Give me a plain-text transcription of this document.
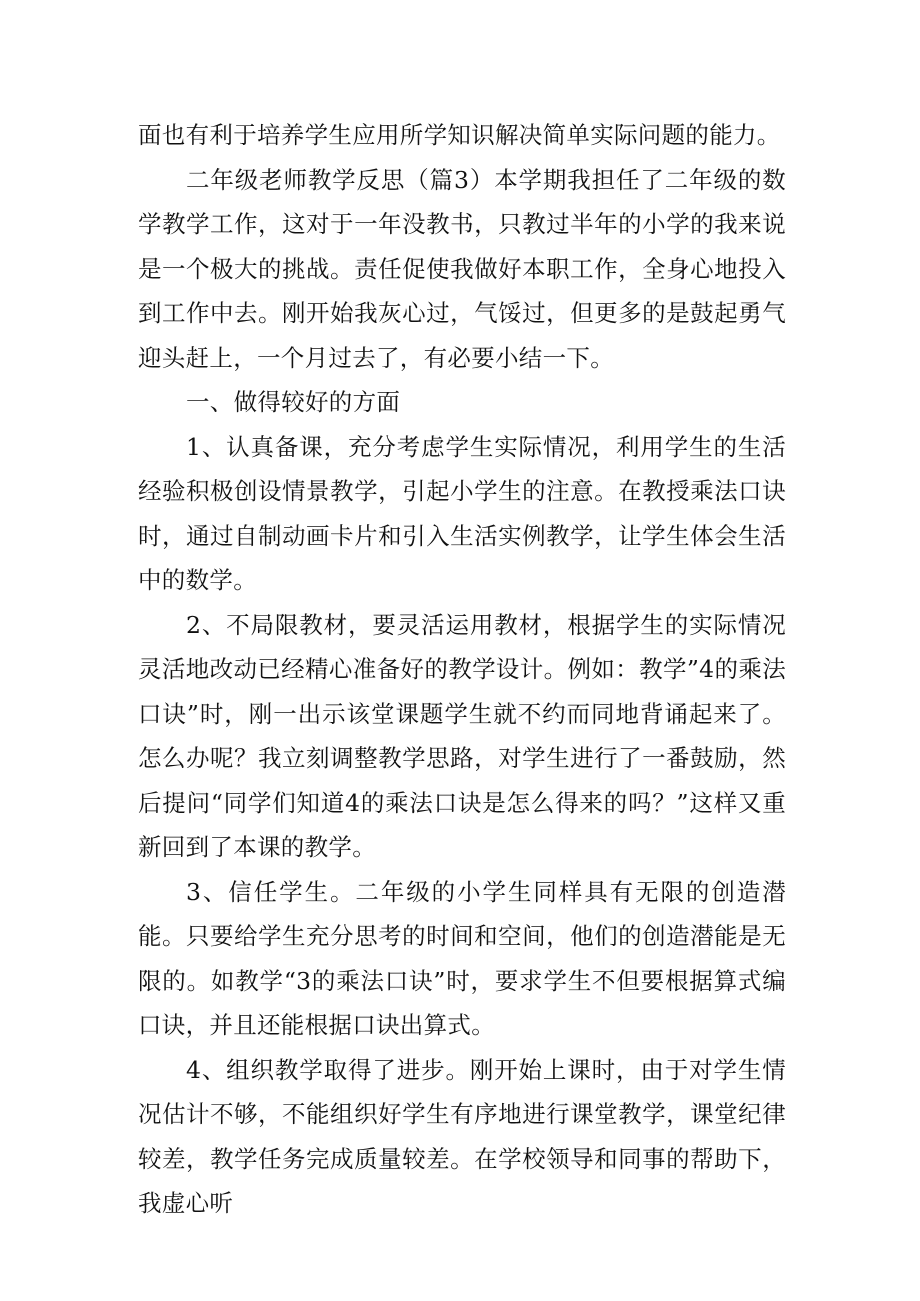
面也有利于培养学生应用所学知识解决简单实际问题的能力。

二年级老师教学反思（篇3）本学期我担任了二年级的数学教学工作，这对于一年没教书，只教过半年的小学的我来说是一个极大的挑战。责任促使我做好本职工作，全身心地投入到工作中去。刚开始我灰心过，气馁过，但更多的是鼓起勇气迎头赶上，一个月过去了，有必要小结一下。

一、做得较好的方面

1、认真备课，充分考虑学生实际情况，利用学生的生活经验积极创设情景教学，引起小学生的注意。在教授乘法口诀时，通过自制动画卡片和引入生活实例教学，让学生体会生活中的数学。

2、不局限教材，要灵活运用教材，根据学生的实际情况灵活地改动已经精心准备好的教学设计。例如：教学”4的乘法口诀”时，刚一出示该堂课题学生就不约而同地背诵起来了。怎么办呢？我立刻调整教学思路，对学生进行了一番鼓励，然后提问“同学们知道4的乘法口诀是怎么得来的吗？”这样又重新回到了本课的教学。

3、信任学生。二年级的小学生同样具有无限的创造潜能。只要给学生充分思考的时间和空间，他们的创造潜能是无限的。如教学“3的乘法口诀”时，要求学生不但要根据算式编口诀，并且还能根据口诀出算式。

4、组织教学取得了进步。刚开始上课时，由于对学生情况估计不够，不能组织好学生有序地进行课堂教学，课堂纪律较差，教学任务完成质量较差。在学校领导和同事的帮助下，我虚心听
